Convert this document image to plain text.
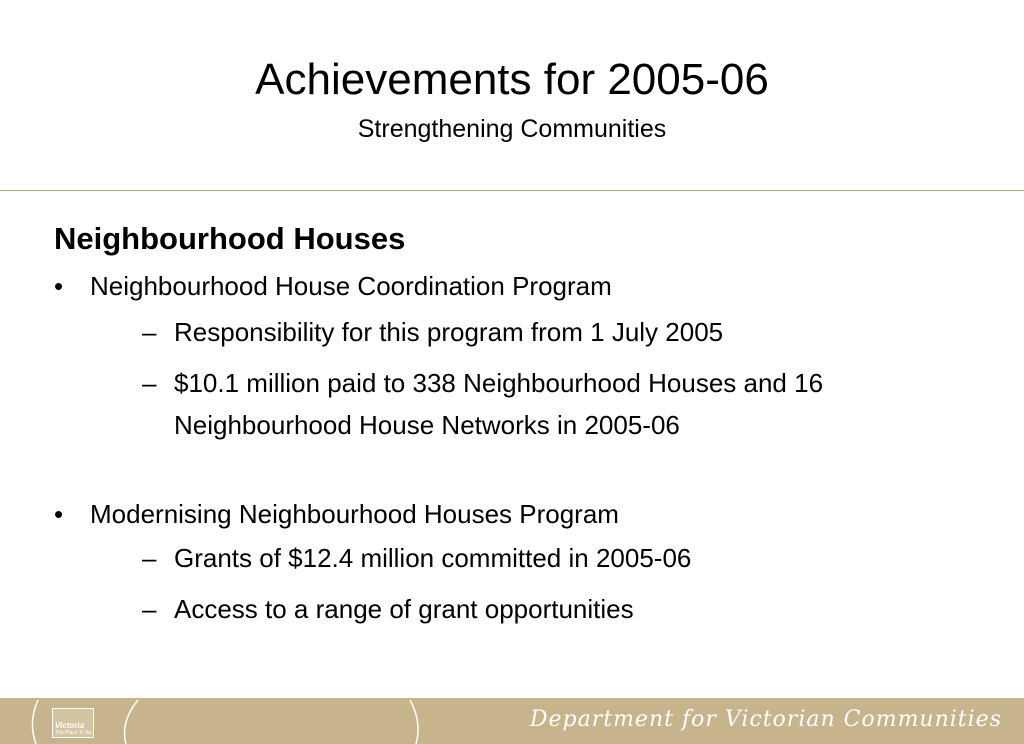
Achievements for 2005-06
Strengthening Communities
Neighbourhood Houses
• Neighbourhood House Coordination Program
– Responsibility for this program from 1 July 2005
– $10.1 million paid to 338 Neighbourhood Houses and 16 Neighbourhood House Networks in 2005-06
• Modernising Neighbourhood Houses Program
– Grants of $12.4 million committed in 2005-06
– Access to a range of grant opportunities
Victoria
The Place To Be
Department for Victorian Communities
